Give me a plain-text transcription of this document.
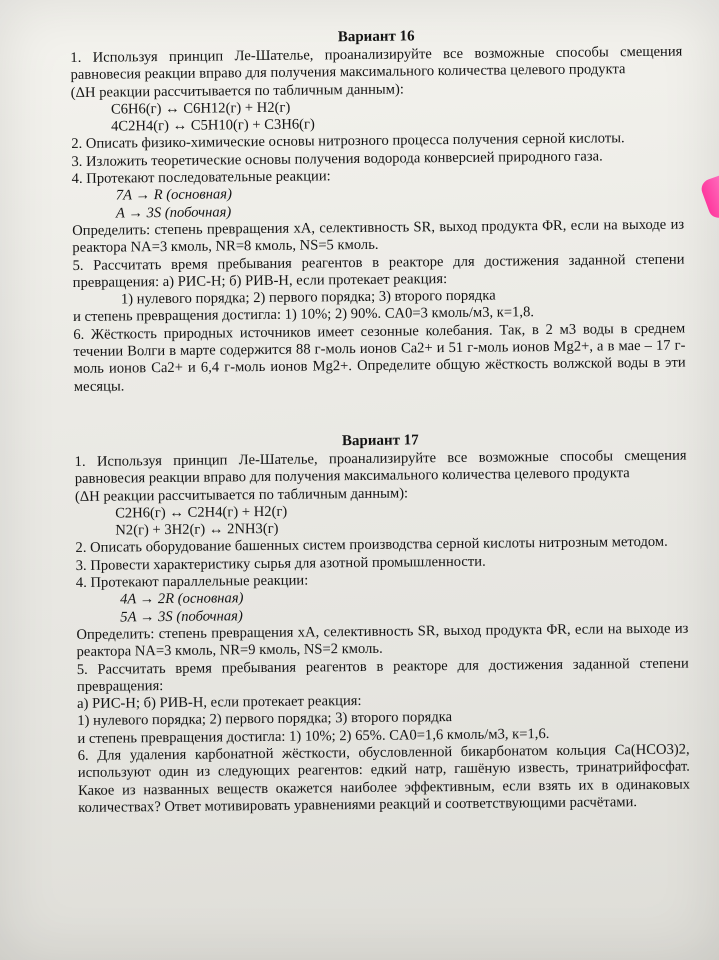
Вариант 16

1. Используя принцип Ле-Шателье, проанализируйте все возможные способы смещения равновесия реакции вправо для получения максимального количества целевого продукта

(ΔН реакции рассчитывается по табличным данным):

C6H6(г) ↔ C6H12(г) + H2(г)

4C2H4(г) ↔ C5H10(г) + C3H6(г)

2. Описать физико-химические основы нитрозного процесса получения серной кислоты.

3. Изложить теоретические основы получения водорода конверсией природного газа.

4. Протекают последовательные реакции:

7A → R (основная)

A → 3S (побочная)

Определить: степень превращения xA, селективность SR, выход продукта ΦR, если на выходе из реактора NA=3 кмоль, NR=8 кмоль, NS=5 кмоль.

5. Рассчитать время пребывания реагентов в реакторе для достижения заданной степени превращения: а) РИС-Н; б) РИВ-Н, если протекает реакция:

1) нулевого порядка; 2) первого порядка; 3) второго порядка

и степень превращения достигла: 1) 10%; 2) 90%. CA0=3 кмоль/м3, к=1,8.

6. Жёсткость природных источников имеет сезонные колебания. Так, в 2 м3 воды в среднем течении Волги в марте содержится 88 г-моль ионов Ca2+ и 51 г-моль ионов Mg2+, а в мае – 17 г-моль ионов Ca2+ и 6,4 г-моль ионов Mg2+. Определите общую жёсткость волжской воды в эти месяцы.

Вариант 17

1. Используя принцип Ле-Шателье, проанализируйте все возможные способы смещения равновесия реакции вправо для получения максимального количества целевого продукта

(ΔН реакции рассчитывается по табличным данным):

C2H6(г) ↔ C2H4(г) + H2(г)

N2(г) + 3H2(г) ↔ 2NH3(г)

2. Описать оборудование башенных систем производства серной кислоты нитрозным методом.

3. Провести характеристику сырья для азотной промышленности.

4. Протекают параллельные реакции:

4A → 2R (основная)

5A → 3S (побочная)

Определить: степень превращения xA, селективность SR, выход продукта ΦR, если на выходе из реактора NA=3 кмоль, NR=9 кмоль, NS=2 кмоль.

5. Рассчитать время пребывания реагентов в реакторе для достижения заданной степени превращения:

а) РИС-Н; б) РИВ-Н, если протекает реакция:

1) нулевого порядка; 2) первого порядка; 3) второго порядка

и степень превращения достигла: 1) 10%; 2) 65%. CA0=1,6 кмоль/м3, к=1,6.

6. Для удаления карбонатной жёсткости, обусловленной бикарбонатом кольция Ca(HCO3)2, используют один из следующих реагентов: едкий натр, гашёную известь, тринатрийфосфат. Какое из названных веществ окажется наиболее эффективным, если взять их в одинаковых количествах? Ответ мотивировать уравнениями реакций и соответствующими расчётами.
